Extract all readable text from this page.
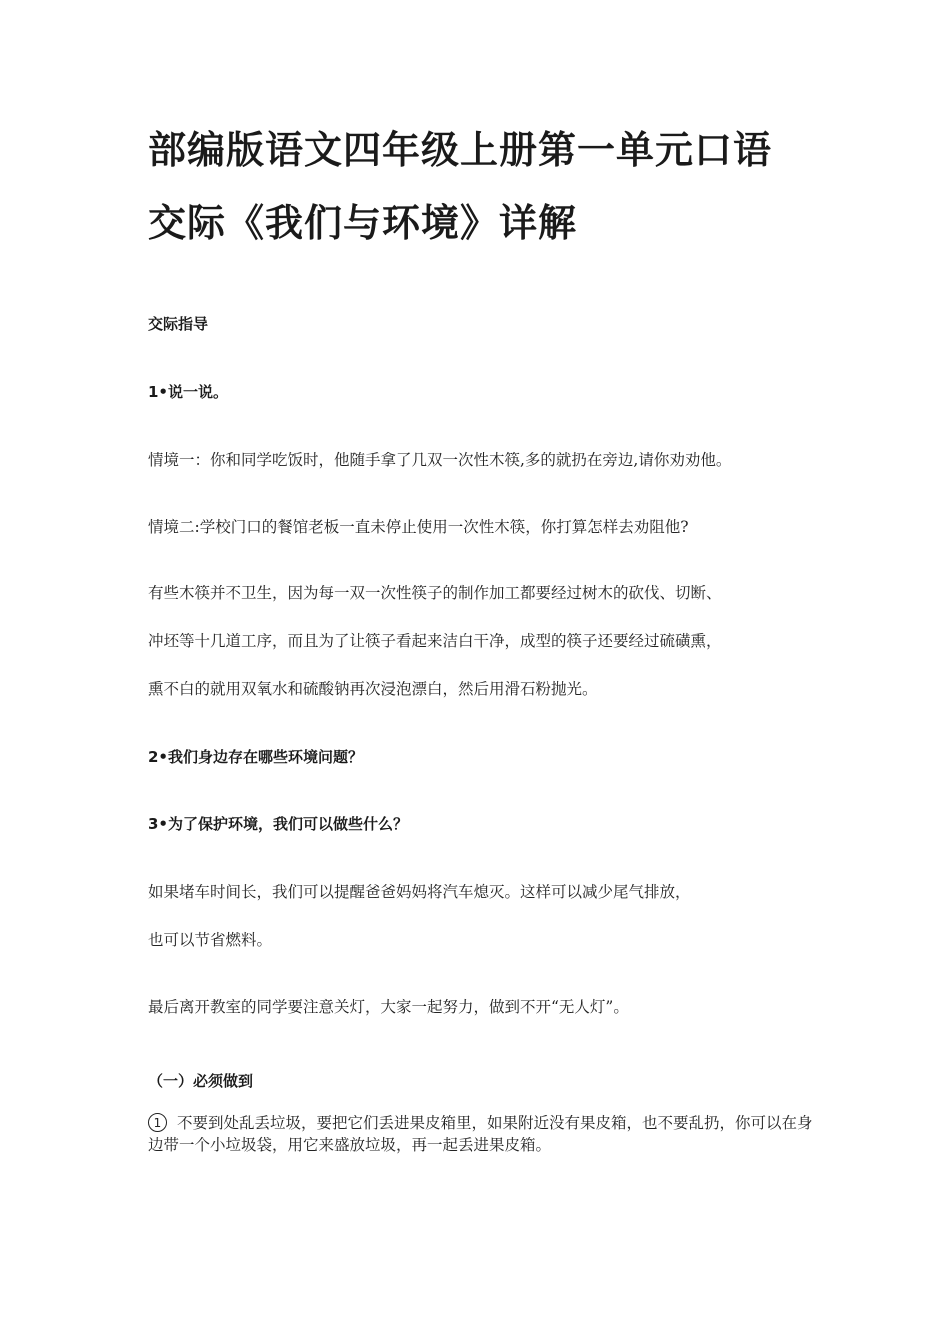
部编版语文四年级上册第一单元口语
交际《我们与环境》详解

交际指导

1•说一说。

情境一：你和同学吃饭时，他随手拿了几双一次性木筷,多的就扔在旁边,请你劝劝他。

情境二:学校门口的餐馆老板一直未停止使用一次性木筷，你打算怎样去劝阻他?

有些木筷并不卫生，因为每一双一次性筷子的制作加工都要经过树木的砍伐、切断、

冲坯等十几道工序，而且为了让筷子看起来洁白干净，成型的筷子还要经过硫磺熏，

熏不白的就用双氧水和硫酸钠再次浸泡漂白，然后用滑石粉抛光。

2•我们身边存在哪些环境问题？

3•为了保护环境，我们可以做些什么？

如果堵车时间长，我们可以提醒爸爸妈妈将汽车熄灭。这样可以减少尾气排放，

也可以节省燃料。

最后离开教室的同学要注意关灯，大家一起努力，做到不开“无人灯”。

（一）必须做到

1 不要到处乱丢垃圾，要把它们丢进果皮箱里，如果附近没有果皮箱，也不要乱扔，你可以在身边带一个小垃圾袋，用它来盛放垃圾，再一起丢进果皮箱。
